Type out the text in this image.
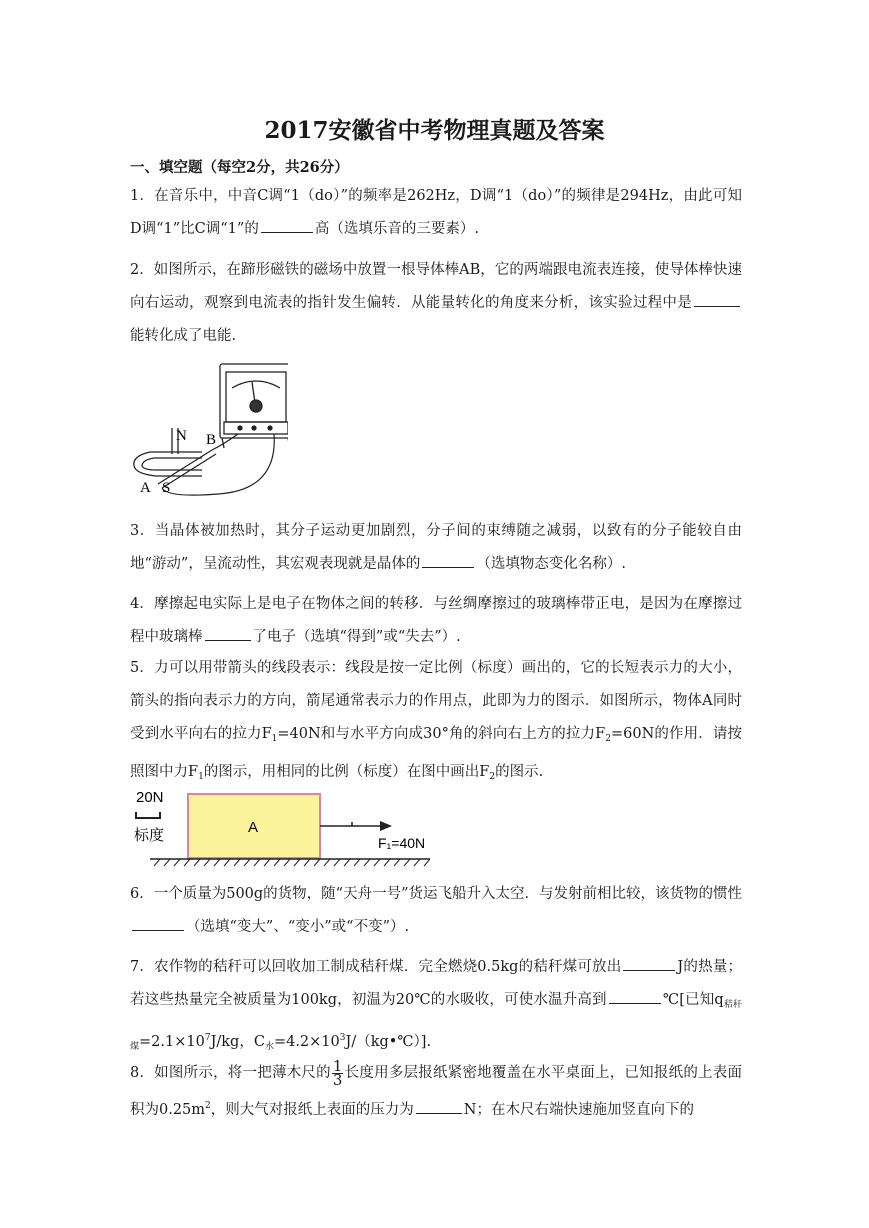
2017安徽省中考物理真题及答案
一、填空题（每空2分，共26分）
1．在音乐中，中音C调“1（do）”的频率是262Hz，D调“1（do）”的频律是294Hz，由此可知D调“1”比C调“1”的	高（选填乐音的三要素）.
2．如图所示，在蹄形磁铁的磁场中放置一根导体棒AB，它的两端跟电流表连接，使导体棒快速向右运动，观察到电流表的指针发生偏转．从能量转化的角度来分析，该实验过程中是能转化成了电能.
N B
A S
3．当晶体被加热时，其分子运动更加剧烈，分子间的束缚随之减弱，以致有的分子能较自由地“游动”，呈流动性，其宏观表现就是晶体的	（选填物态变化名称）.
4．摩擦起电实际上是电子在物体之间的转移．与丝绸摩擦过的玻璃棒带正电，是因为在摩擦过程中玻璃棒	了电子（选填“得到”或“失去”）.
5．力可以用带箭头的线段表示：线段是按一定比例（标度）画出的，它的长短表示力的大小，箭头的指向表示力的方向，箭尾通常表示力的作用点，此即为力的图示．如图所示，物体A同时受到水平向右的拉力$F_1=40N$和与水平方向成30°角的斜向右上方的拉力$F_2=60N$的作用．请按照图中力$F_1$的图示，用相同的比例（标度）在图中画出$F_2$的图示.
20N
标度	A
F₁=40N
6．一个质量为500g的货物，随“天舟一号”货运飞船升入太空．与发射前相比较，该货物的惯性（选填“变大”、“变小”或“不变”）.
7．农作物的秸秆可以回收加工制成秸秆煤．完全燃烧0.5kg的秸秆煤可放出	J的热量；若这些热量完全被质量为100kg，初温为20℃的水吸收，可使水温升高到	℃[已知$q_{秸秆煤}=2.1\times 10^7J/kg$，$C_水=4.2\times 10^3J/(kg•℃)$].
8．如图所示，将一把薄木尺的 $\frac{1}{3}$ 长度用多层报纸紧密地覆盖在水平桌面上，已知报纸的上表面积为$0.25m^2$，则大气对报纸上表面的压力为	N；在木尺右端快速施加竖直向下的
